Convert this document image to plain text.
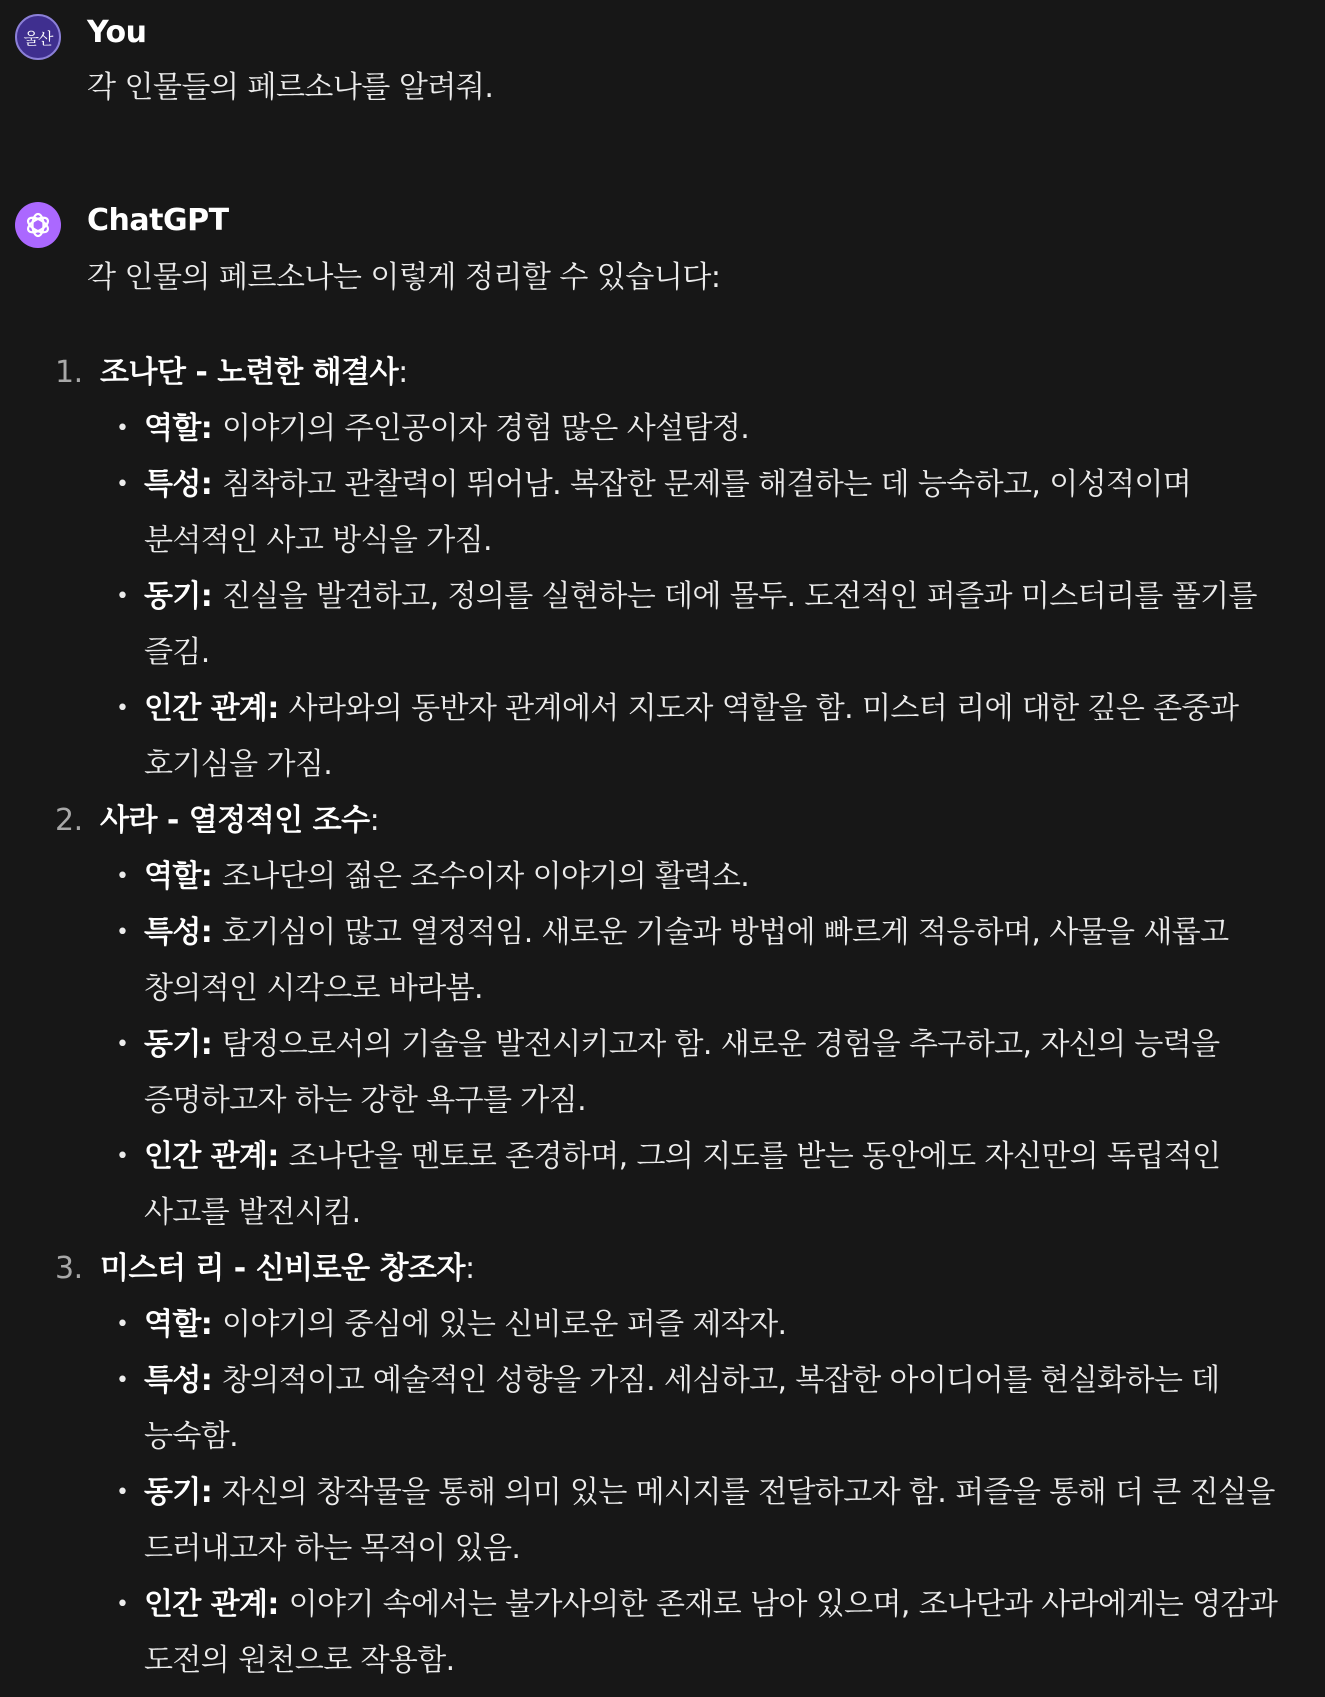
울산 You
각 인물들의 페르소나를 알려줘.
ChatGPT
각 인물의 페르소나는 이렇게 정리할 수 있습니다:
1. 조나단 - 노련한 해결사:
• 역할: 이야기의 주인공이자 경험 많은 사설탐정.
• 특성: 침착하고 관찰력이 뛰어남. 복잡한 문제를 해결하는 데 능숙하고, 이성적이며 분석적인 사고 방식을 가짐.
• 동기: 진실을 발견하고, 정의를 실현하는 데에 몰두. 도전적인 퍼즐과 미스터리를 풀기를 즐김.
• 인간 관계: 사라와의 동반자 관계에서 지도자 역할을 함. 미스터 리에 대한 깊은 존중과 호기심을 가짐.
2. 사라 - 열정적인 조수:
• 역할: 조나단의 젊은 조수이자 이야기의 활력소.
• 특성: 호기심이 많고 열정적임. 새로운 기술과 방법에 빠르게 적응하며, 사물을 새롭고 창의적인 시각으로 바라봄.
• 동기: 탐정으로서의 기술을 발전시키고자 함. 새로운 경험을 추구하고, 자신의 능력을 증명하고자 하는 강한 욕구를 가짐.
• 인간 관계: 조나단을 멘토로 존경하며, 그의 지도를 받는 동안에도 자신만의 독립적인 사고를 발전시킴.
3. 미스터 리 - 신비로운 창조자:
• 역할: 이야기의 중심에 있는 신비로운 퍼즐 제작자.
• 특성: 창의적이고 예술적인 성향을 가짐. 세심하고, 복잡한 아이디어를 현실화하는 데 능숙함.
• 동기: 자신의 창작물을 통해 의미 있는 메시지를 전달하고자 함. 퍼즐을 통해 더 큰 진실을 드러내고자 하는 목적이 있음.
• 인간 관계: 이야기 속에서는 불가사의한 존재로 남아 있으며, 조나단과 사라에게는 영감과 도전의 원천으로 작용함.
